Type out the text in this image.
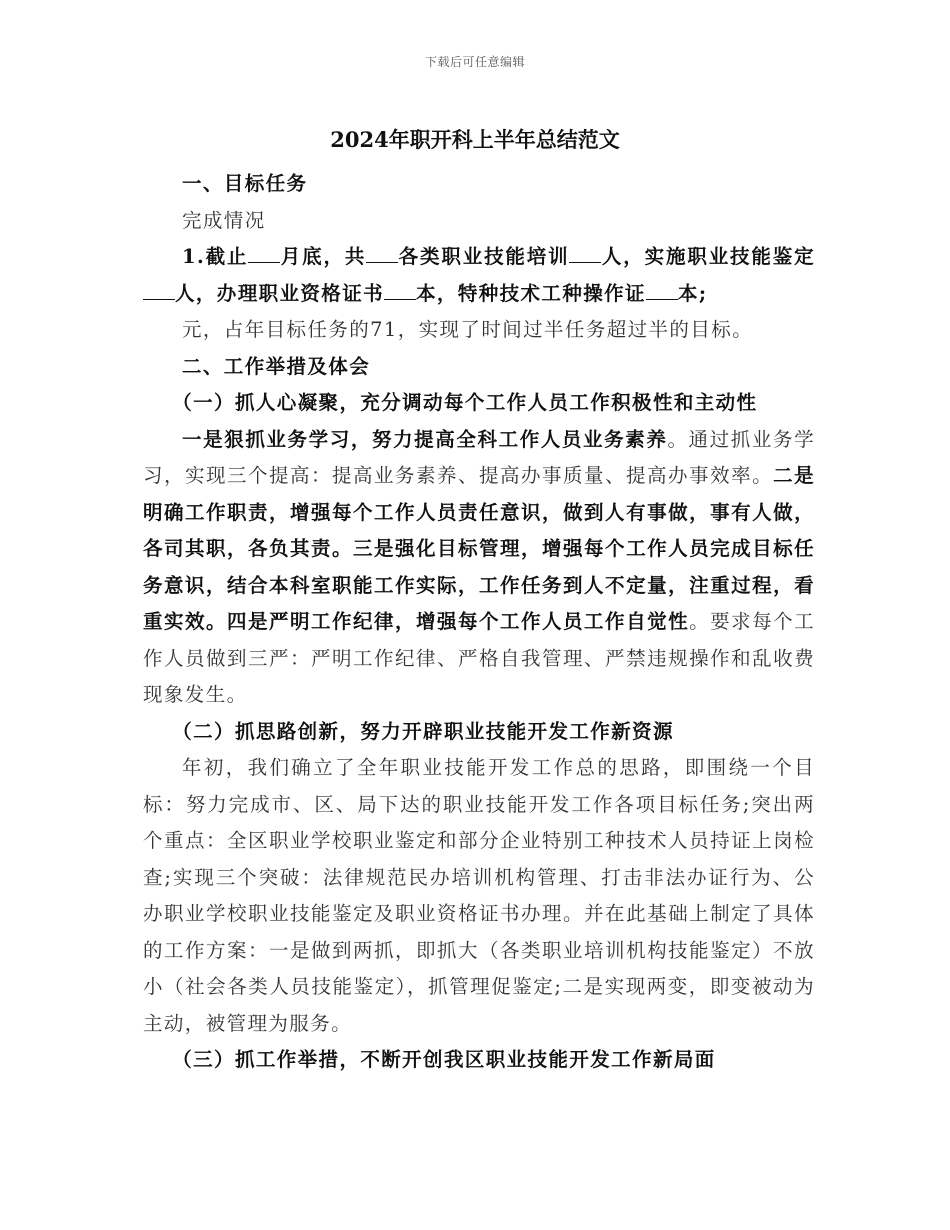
下载后可任意编辑
2024年职开科上半年总结范文

一、目标任务

完成情况

1.截止 月底，共 各类职业技能培训 人，实施职业技能鉴定人，办理职业资格证书 本，特种技术工种操作证 本;

元，占年目标任务的71，实现了时间过半任务超过半的目标。

二、工作举措及体会

（一）抓人心凝聚，充分调动每个工作人员工作积极性和主动性

一是狠抓业务学习，努力提高全科工作人员业务素养。通过抓业务学习，实现三个提高：提高业务素养、提高办事质量、提高办事效率。二是明确工作职责，增强每个工作人员责任意识，做到人有事做，事有人做，各司其职，各负其责。三是强化目标管理，增强每个工作人员完成目标任务意识，结合本科室职能工作实际，工作任务到人不定量，注重过程，看重实效。四是严明工作纪律，增强每个工作人员工作自觉性。要求每个工作人员做到三严：严明工作纪律、严格自我管理、严禁违规操作和乱收费现象发生。

（二）抓思路创新，努力开辟职业技能开发工作新资源

年初，我们确立了全年职业技能开发工作总的思路，即围绕一个目标：努力完成市、区、局下达的职业技能开发工作各项目标任务;突出两个重点：全区职业学校职业鉴定和部分企业特别工种技术人员持证上岗检查;实现三个突破：法律规范民办培训机构管理、打击非法办证行为、公办职业学校职业技能鉴定及职业资格证书办理。并在此基础上制定了具体的工作方案：一是做到两抓，即抓大（各类职业培训机构技能鉴定）不放小（社会各类人员技能鉴定），抓管理促鉴定;二是实现两变，即变被动为主动，被管理为服务。

（三）抓工作举措，不断开创我区职业技能开发工作新局面
